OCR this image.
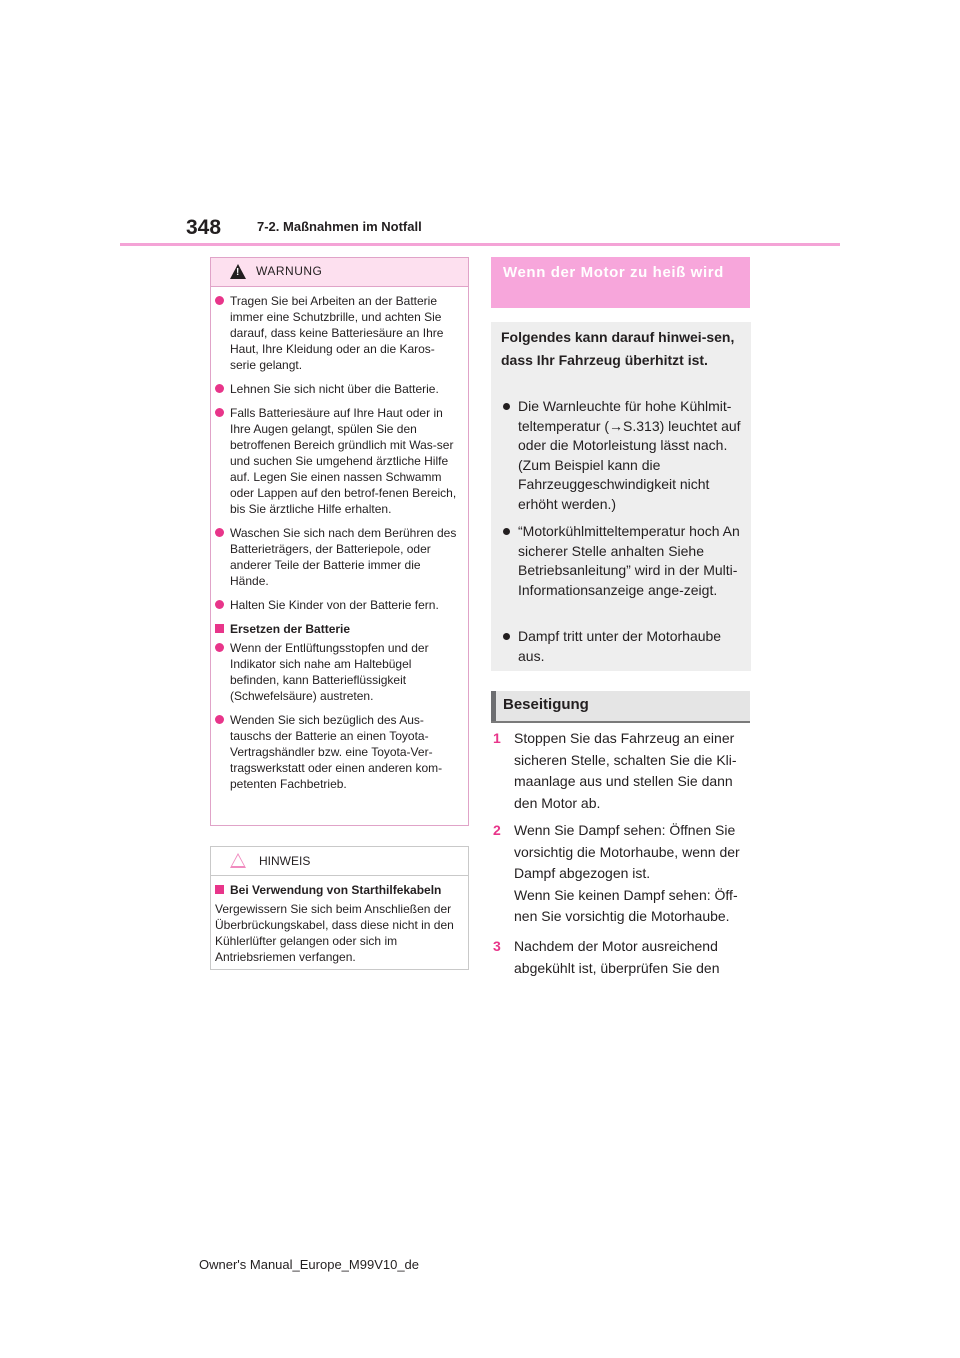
348	7-2. Maßnahmen im Notfall
!
WARNUNG
Tragen Sie bei Arbeiten an der Batterie immer eine Schutzbrille, und achten Sie darauf, dass keine Batteriesäure an Ihre Haut, Ihre Kleidung oder an die Karos-serie gelangt.
Lehnen Sie sich nicht über die Batterie.
Falls Batteriesäure auf Ihre Haut oder in Ihre Augen gelangt, spülen Sie den betroffenen Bereich gründlich mit Was-ser und suchen Sie umgehend ärztliche Hilfe auf. Legen Sie einen nassen Schwamm oder Lappen auf den betrof-fenen Bereich, bis Sie ärztliche Hilfe erhalten.
Waschen Sie sich nach dem Berühren des Batterieträgers, der Batteriepole, oder anderer Teile der Batterie immer die Hände.
Halten Sie Kinder von der Batterie fern.
Ersetzen der Batterie
Wenn der Entlüftungsstopfen und der Indikator sich nahe am Haltebügel befinden, kann Batterieflüssigkeit (Schwefelsäure) austreten.
Wenden Sie sich bezüglich des Aus-tauschs der Batterie an einen Toyota-Vertragshändler bzw. eine Toyota-Ver-tragswerkstatt oder einen anderen kom-petenten Fachbetrieb.
HINWEIS
Bei Verwendung von Starthilfekabeln
Vergewissern Sie sich beim Anschließen der Überbrückungskabel, dass diese nicht in den Kühlerlüfter gelangen oder sich im Antriebsriemen verfangen.
Wenn der Motor zu heiß wird
Folgendes kann darauf hinwei-sen, dass Ihr Fahrzeug überhitzt ist.
Die Warnleuchte für hohe Kühlmit-teltemperatur (→S.313) leuchtet auf oder die Motorleistung lässt nach. (Zum Beispiel kann die Fahrzeuggeschwindigkeit nicht erhöht werden.)
“Motorkühlmitteltemperatur hoch An sicherer Stelle anhalten Siehe Betriebsanleitung” wird in der Multi-Informationsanzeige ange-zeigt.
Dampf tritt unter der Motorhaube aus.
Beseitigung
1 Stoppen Sie das Fahrzeug an einer sicheren Stelle, schalten Sie die Kli-maanlage aus und stellen Sie dann den Motor ab.
2 Wenn Sie Dampf sehen: Öffnen Sie vorsichtig die Motorhaube, wenn der Dampf abgezogen ist.
Wenn Sie keinen Dampf sehen: Öff-nen Sie vorsichtig die Motorhaube.
3 Nachdem der Motor ausreichend abgekühlt ist, überprüfen Sie den
Owner's Manual_Europe_M99V10_de
